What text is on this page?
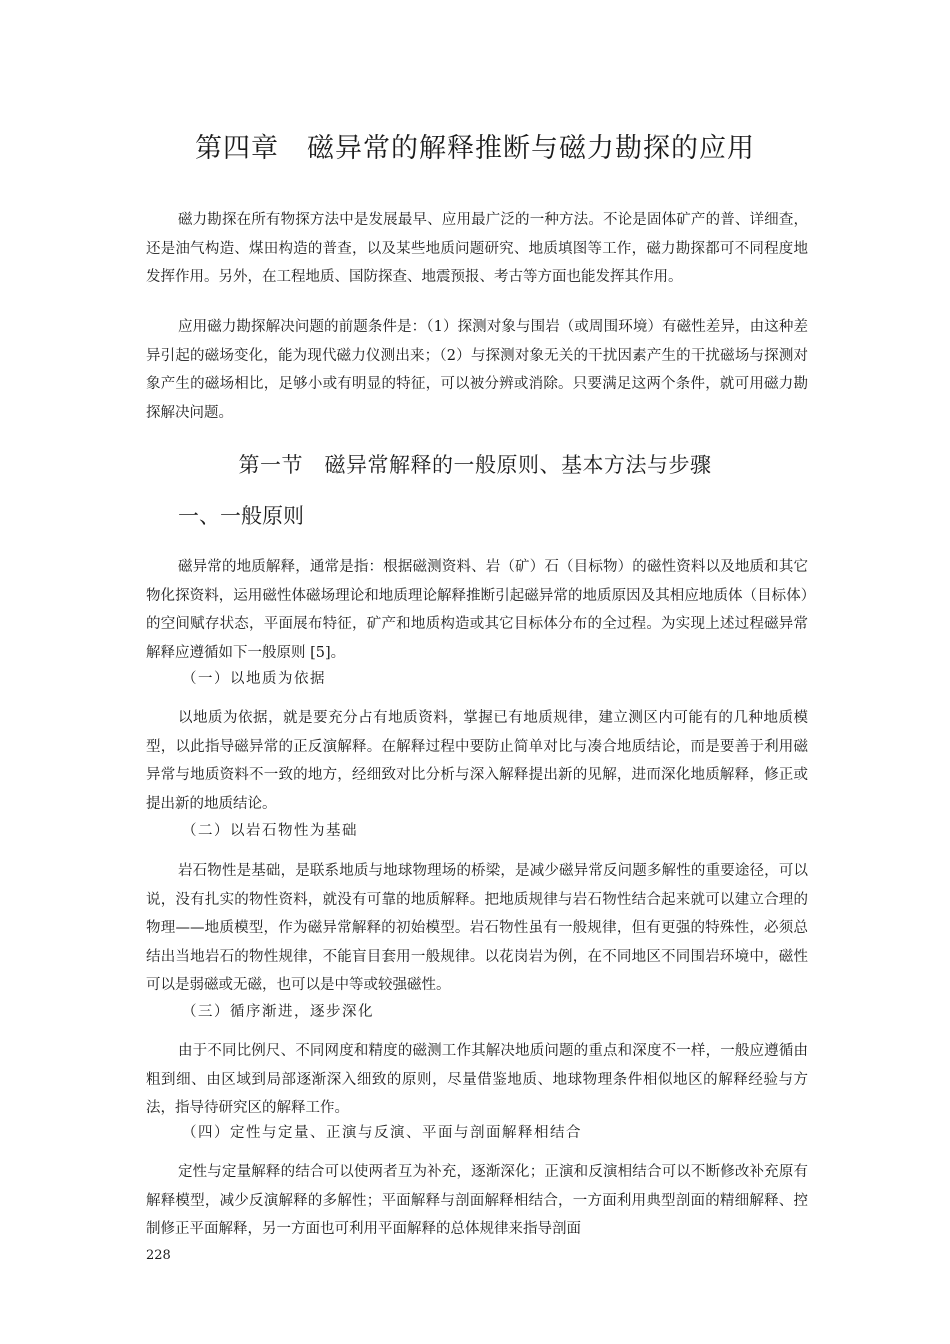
第四章　磁异常的解释推断与磁力勘探的应用

磁力勘探在所有物探方法中是发展最早、应用最广泛的一种方法。不论是固体矿产的普、详细查，还是油气构造、煤田构造的普查，以及某些地质问题研究、地质填图等工作，磁力勘探都可不同程度地发挥作用。另外，在工程地质、国防探查、地震预报、考古等方面也能发挥其作用。

应用磁力勘探解决问题的前题条件是：（1）探测对象与围岩（或周围环境）有磁性差异，由这种差异引起的磁场变化，能为现代磁力仪测出来；（2）与探测对象无关的干扰因素产生的干扰磁场与探测对象产生的磁场相比，足够小或有明显的特征，可以被分辨或消除。只要满足这两个条件，就可用磁力勘探解决问题。

第一节　磁异常解释的一般原则、基本方法与步骤
一、一般原则

磁异常的地质解释，通常是指：根据磁测资料、岩（矿）石（目标物）的磁性资料以及地质和其它物化探资料，运用磁性体磁场理论和地质理论解释推断引起磁异常的地质原因及其相应地质体（目标体）的空间赋存状态，平面展布特征，矿产和地质构造或其它目标体分布的全过程。为实现上述过程磁异常解释应遵循如下一般原则 [5]。

（一）以地质为依据

以地质为依据，就是要充分占有地质资料，掌握已有地质规律，建立测区内可能有的几种地质模型，以此指导磁异常的正反演解释。在解释过程中要防止简单对比与凑合地质结论，而是要善于利用磁异常与地质资料不一致的地方，经细致对比分析与深入解释提出新的见解，进而深化地质解释，修正或提出新的地质结论。

（二）以岩石物性为基础

岩石物性是基础，是联系地质与地球物理场的桥梁，是减少磁异常反问题多解性的重要途径，可以说，没有扎实的物性资料，就没有可靠的地质解释。把地质规律与岩石物性结合起来就可以建立合理的物理——地质模型，作为磁异常解释的初始模型。岩石物性虽有一般规律，但有更强的特殊性，必须总结出当地岩石的物性规律，不能盲目套用一般规律。以花岗岩为例，在不同地区不同围岩环境中，磁性可以是弱磁或无磁，也可以是中等或较强磁性。

（三）循序渐进，逐步深化

由于不同比例尺、不同网度和精度的磁测工作其解决地质问题的重点和深度不一样，一般应遵循由粗到细、由区域到局部逐渐深入细致的原则，尽量借鉴地质、地球物理条件相似地区的解释经验与方法，指导待研究区的解释工作。

（四）定性与定量、正演与反演、平面与剖面解释相结合

定性与定量解释的结合可以使两者互为补充，逐渐深化；正演和反演相结合可以不断修改补充原有解释模型，减少反演解释的多解性；平面解释与剖面解释相结合，一方面利用典型剖面的精细解释、控制修正平面解释，另一方面也可利用平面解释的总体规律来指导剖面

228
